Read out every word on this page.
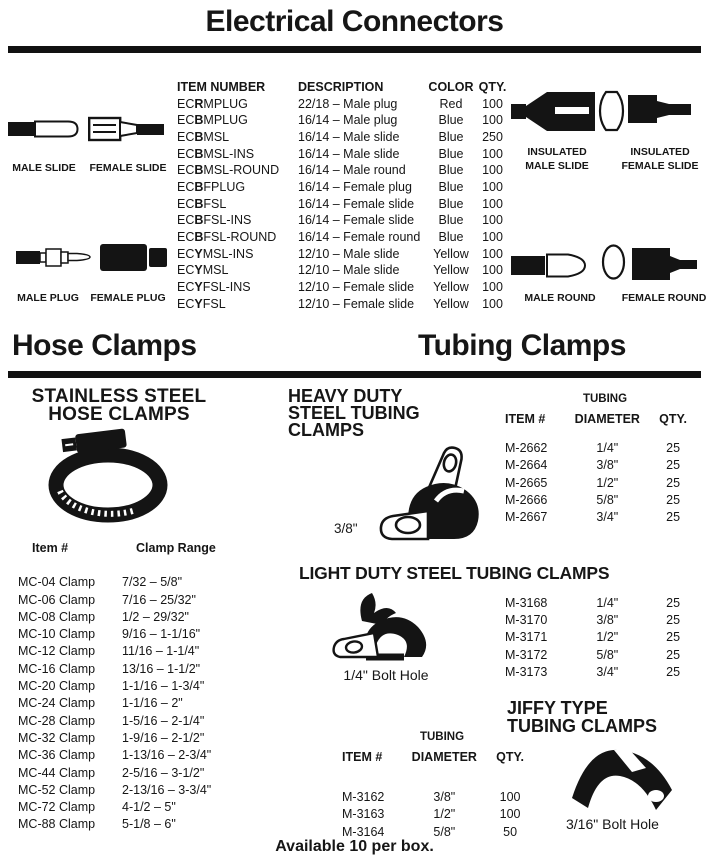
Electrical Connectors
MALE SLIDE	FEMALE SLIDE
MALE PLUG	FEMALE PLUG
ITEM NUMBER	DESCRIPTION	COLOR QTY.
ECRMPLUG	22/18 – Male plug	Red	100
ECBMPLUG	16/14 – Male plug	Blue	100
ECBMSL	16/14 – Male slide	Blue	250
ECBMSL-INS	16/14 – Male slide	Blue	100
ECBMSL-ROUND	16/14 – Male round	Blue	100
ECBFPLUG	16/14 – Female plug	Blue	100
ECBFSL	16/14 – Female slide	Blue	100
ECBFSL-INS	16/14 – Female slide	Blue	100
ECBFSL-ROUND	16/14 – Female round	Blue	100
ECYMSL-INS	12/10 – Male slide	Yellow	100
ECYMSL	12/10 – Male slide	Yellow	100
ECYFSL-INS	12/10 – Female slide	Yellow	100
ECYFSL	12/10 – Female slide	Yellow	100
INSULATED
MALE SLIDE
INSULATED
FEMALE SLIDE
MALE ROUND	FEMALE ROUND
Hose Clamps	Tubing Clamps
STAINLESS STEEL
HOSE CLAMPS
Item #	Clamp Range
MC-04 Clamp	7/32 – 5/8"
MC-06 Clamp	7/16 – 25/32"
MC-08 Clamp	1/2 – 29/32"
MC-10 Clamp	9/16 – 1-1/16"
MC-12 Clamp	11/16 – 1-1/4"
MC-16 Clamp	13/16 – 1-1/2"
MC-20 Clamp	1-1/16 – 1-3/4"
MC-24 Clamp	1-1/16 – 2"
MC-28 Clamp	1-5/16 – 2-1/4"
MC-32 Clamp	1-9/16 – 2-1/2"
MC-36 Clamp	1-13/16 – 2-3/4"
MC-44 Clamp	2-5/16 – 3-1/2"
MC-52 Clamp	2-13/16 – 3-3/4"
MC-72 Clamp	4-1/2 – 5"
MC-88 Clamp	5-1/8 – 6"
HEAVY DUTY
STEEL TUBING
CLAMPS
3/8"
TUBING
ITEM #	DIAMETER	QTY.
M-2662	1/4"	25
M-2664	3/8"	25
M-2665	1/2"	25
M-2666	5/8"	25
M-2667	3/4"	25
LIGHT DUTY STEEL TUBING CLAMPS
1/4" Bolt Hole
M-3168	1/4"	25
M-3170	3/8"	25
M-3171	1/2"	25
M-3172	5/8"	25
M-3173	3/4"	25
TUBING
ITEM #	DIAMETER	QTY.
M-3162	3/8"	100
M-3163	1/2"	100
M-3164	5/8"	50
JIFFY TYPE
TUBING CLAMPS
3/16" Bolt Hole
Available 10 per box.
